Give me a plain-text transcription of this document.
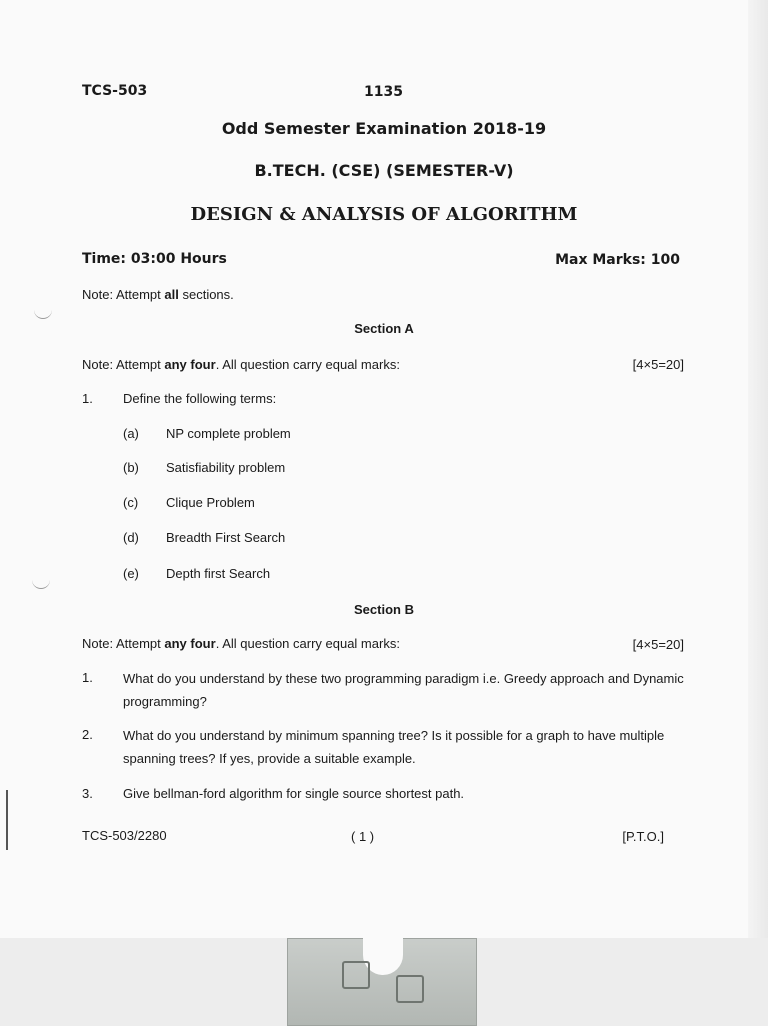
TCS-503	1135
Odd Semester Examination 2018-19
B.TECH. (CSE) (SEMESTER-V)
DESIGN & ANALYSIS OF ALGORITHM
Time: 03:00 Hours	Max Marks: 100
Note: Attempt all sections.
Section A
Note: Attempt any four. All question carry equal marks:	[4×5=20]
1. Define the following terms:
(a) NP complete problem
(b) Satisfiability problem
(c) Clique Problem
(d) Breadth First Search
(e) Depth first Search
Section B
Note: Attempt any four. All question carry equal marks:	[4×5=20]
1. What do you understand by these two programming paradigm i.e. Greedy approach and Dynamic programming?
2. What do you understand by minimum spanning tree? Is it possible for a graph to have multiple spanning trees? If yes, provide a suitable example.
3. Give bellman-ford algorithm for single source shortest path.
TCS-503/2280	( 1 )	[P.T.O.]
